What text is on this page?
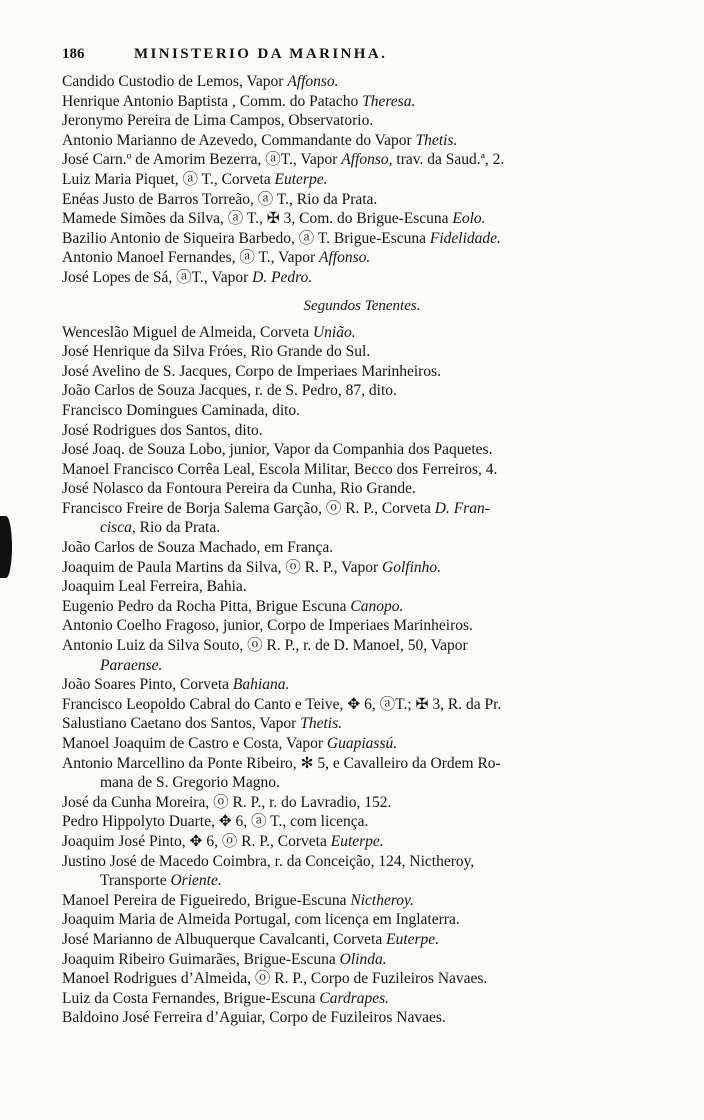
186	MINISTERIO DA MARINHA.
Candido Custodio de Lemos, Vapor Affonso.
Henrique Antonio Baptista , Comm. do Patacho Theresa.
Jeronymo Pereira de Lima Campos, Observatorio.
Antonio Marianno de Azevedo, Commandante do Vapor Thetis.
José Carn.º de Amorim Bezerra, ⓐT., Vapor Affonso, trav. da Saud.ª, 2.
Luiz Maria Piquet, ⓐ T., Corveta Euterpe.
Enéas Justo de Barros Torreão, ⓐ T., Rio da Prata.
Mamede Simões da Silva, ⓐ T., ✠ 3, Com. do Brigue-Escuna Eolo.
Bazilio Antonio de Siqueira Barbedo, ⓐ T. Brigue-Escuna Fidelidade.
Antonio Manoel Fernandes, ⓐ T., Vapor Affonso.
José Lopes de Sá, ⓐT., Vapor D. Pedro.
Segundos Tenentes.
Wenceslão Miguel de Almeida, Corveta União.
José Henrique da Silva Fróes, Rio Grande do Sul.
José Avelino de S. Jacques, Corpo de Imperiaes Marinheiros.
João Carlos de Souza Jacques, r. de S. Pedro, 87, dito.
Francisco Domingues Caminada, dito.
José Rodrigues dos Santos, dito.
José Joaq. de Souza Lobo, junior, Vapor da Companhia dos Paquetes.
Manoel Francisco Corrêa Leal, Escola Militar, Becco dos Ferreiros, 4.
José Nolasco da Fontoura Pereira da Cunha, Rio Grande.
Francisco Freire de Borja Salema Garção, ⓞ R. P., Corveta D. Fran-
cisca, Rio da Prata.
João Carlos de Souza Machado, em França.
Joaquim de Paula Martins da Silva, ⓞ R. P., Vapor Golfinho.
Joaquim Leal Ferreira, Bahia.
Eugenio Pedro da Rocha Pitta, Brigue Escuna Canopo.
Antonio Coelho Fragoso, junior, Corpo de Imperiaes Marinheiros.
Antonio Luiz da Silva Souto, ⓞ R. P., r. de D. Manoel, 50, Vapor
Paraense.
João Soares Pinto, Corveta Bahiana.
Francisco Leopoldo Cabral do Canto e Teive, ✥ 6, ⓐT.; ✠ 3, R. da Pr.
Salustiano Caetano dos Santos, Vapor Thetis.
Manoel Joaquim de Castro e Costa, Vapor Guapiassú.
Antonio Marcellino da Ponte Ribeiro, ✻ 5, e Cavalleiro da Ordem Ro-
mana de S. Gregorio Magno.
José da Cunha Moreira, ⓞ R. P., r. do Lavradio, 152.
Pedro Hippolyto Duarte, ✥ 6, ⓐ T., com licença.
Joaquim José Pinto, ✥ 6, ⓞ R. P., Corveta Euterpe.
Justino José de Macedo Coimbra, r. da Conceição, 124, Nictheroy,
Transporte Oriente.
Manoel Pereira de Figueiredo, Brigue-Escuna Nictheroy.
Joaquim Maria de Almeida Portugal, com licença em Inglaterra.
José Marianno de Albuquerque Cavalcanti, Corveta Euterpe.
Joaquim Ribeiro Guimarães, Brigue-Escuna Olinda.
Manoel Rodrigues d’Almeida, ⓞ R. P., Corpo de Fuzileiros Navaes.
Luiz da Costa Fernandes, Brigue-Escuna Cardrapes.
Baldoino José Ferreira d’Aguiar, Corpo de Fuzileiros Navaes.
